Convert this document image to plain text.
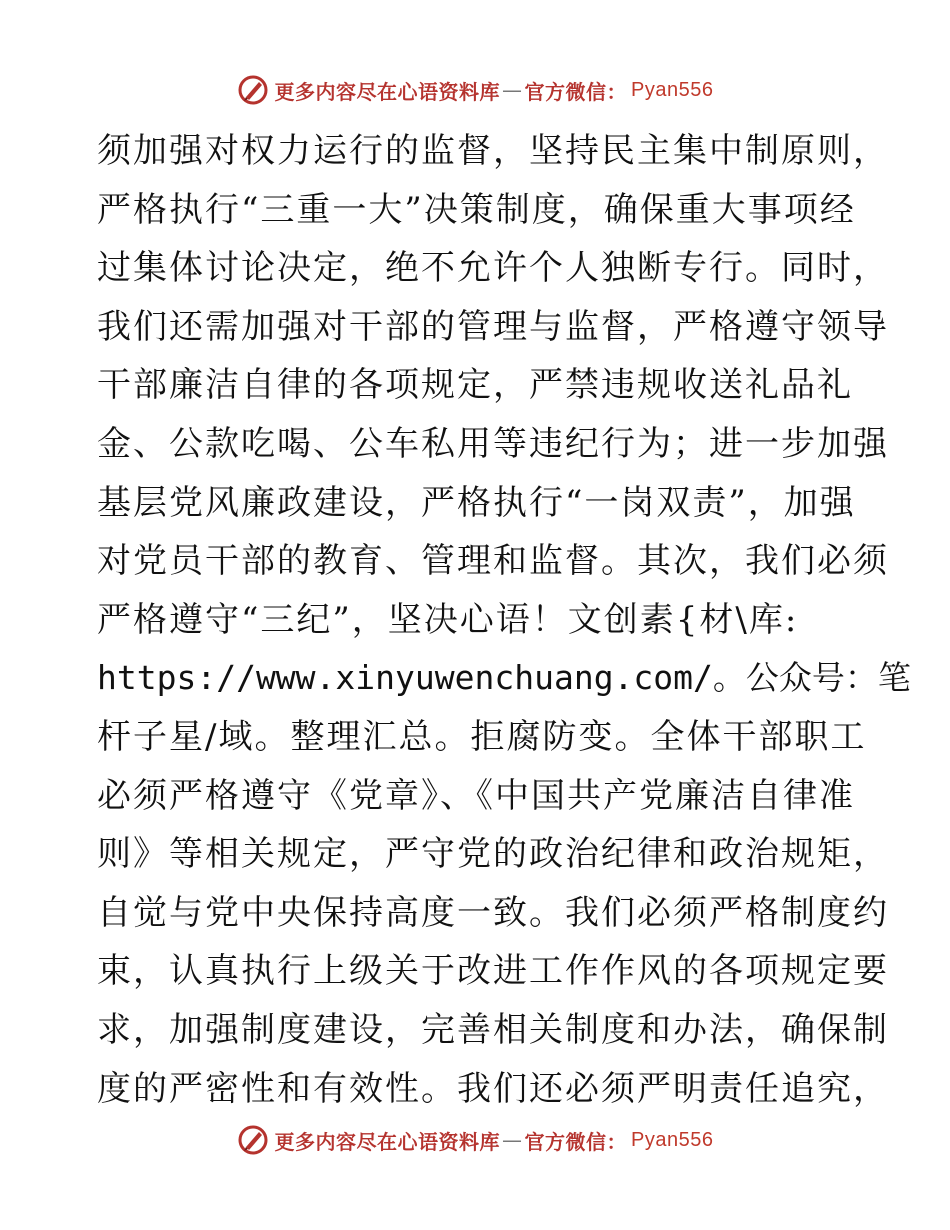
更多内容尽在心语资料库 — 官方微信： Pyan556
须加强对权力运行的监督，坚持民主集中制原则，
严格执行“三重一大”决策制度，确保重大事项经
过集体讨论决定，绝不允许个人独断专行。同时，
我们还需加强对干部的管理与监督，严格遵守领导
干部廉洁自律的各项规定，严禁违规收送礼品礼
金、公款吃喝、公车私用等违纪行为；进一步加强
基层党风廉政建设，严格执行“一岗双责”，加强
对党员干部的教育、管理和监督。其次，我们必须
严格遵守“三纪”，坚决心语！文创素{材\库:
https://www.xinyuwenchuang.com/。公众号：笔
杆子星/域。整理汇总。拒腐防变。全体干部职工
必须严格遵守《党章》、《中国共产党廉洁自律准
则》等相关规定，严守党的政治纪律和政治规矩，
自觉与党中央保持高度一致。我们必须严格制度约
束，认真执行上级关于改进工作作风的各项规定要
求，加强制度建设，完善相关制度和办法，确保制
度的严密性和有效性。我们还必须严明责任追究，
更多内容尽在心语资料库 — 官方微信： Pyan556
